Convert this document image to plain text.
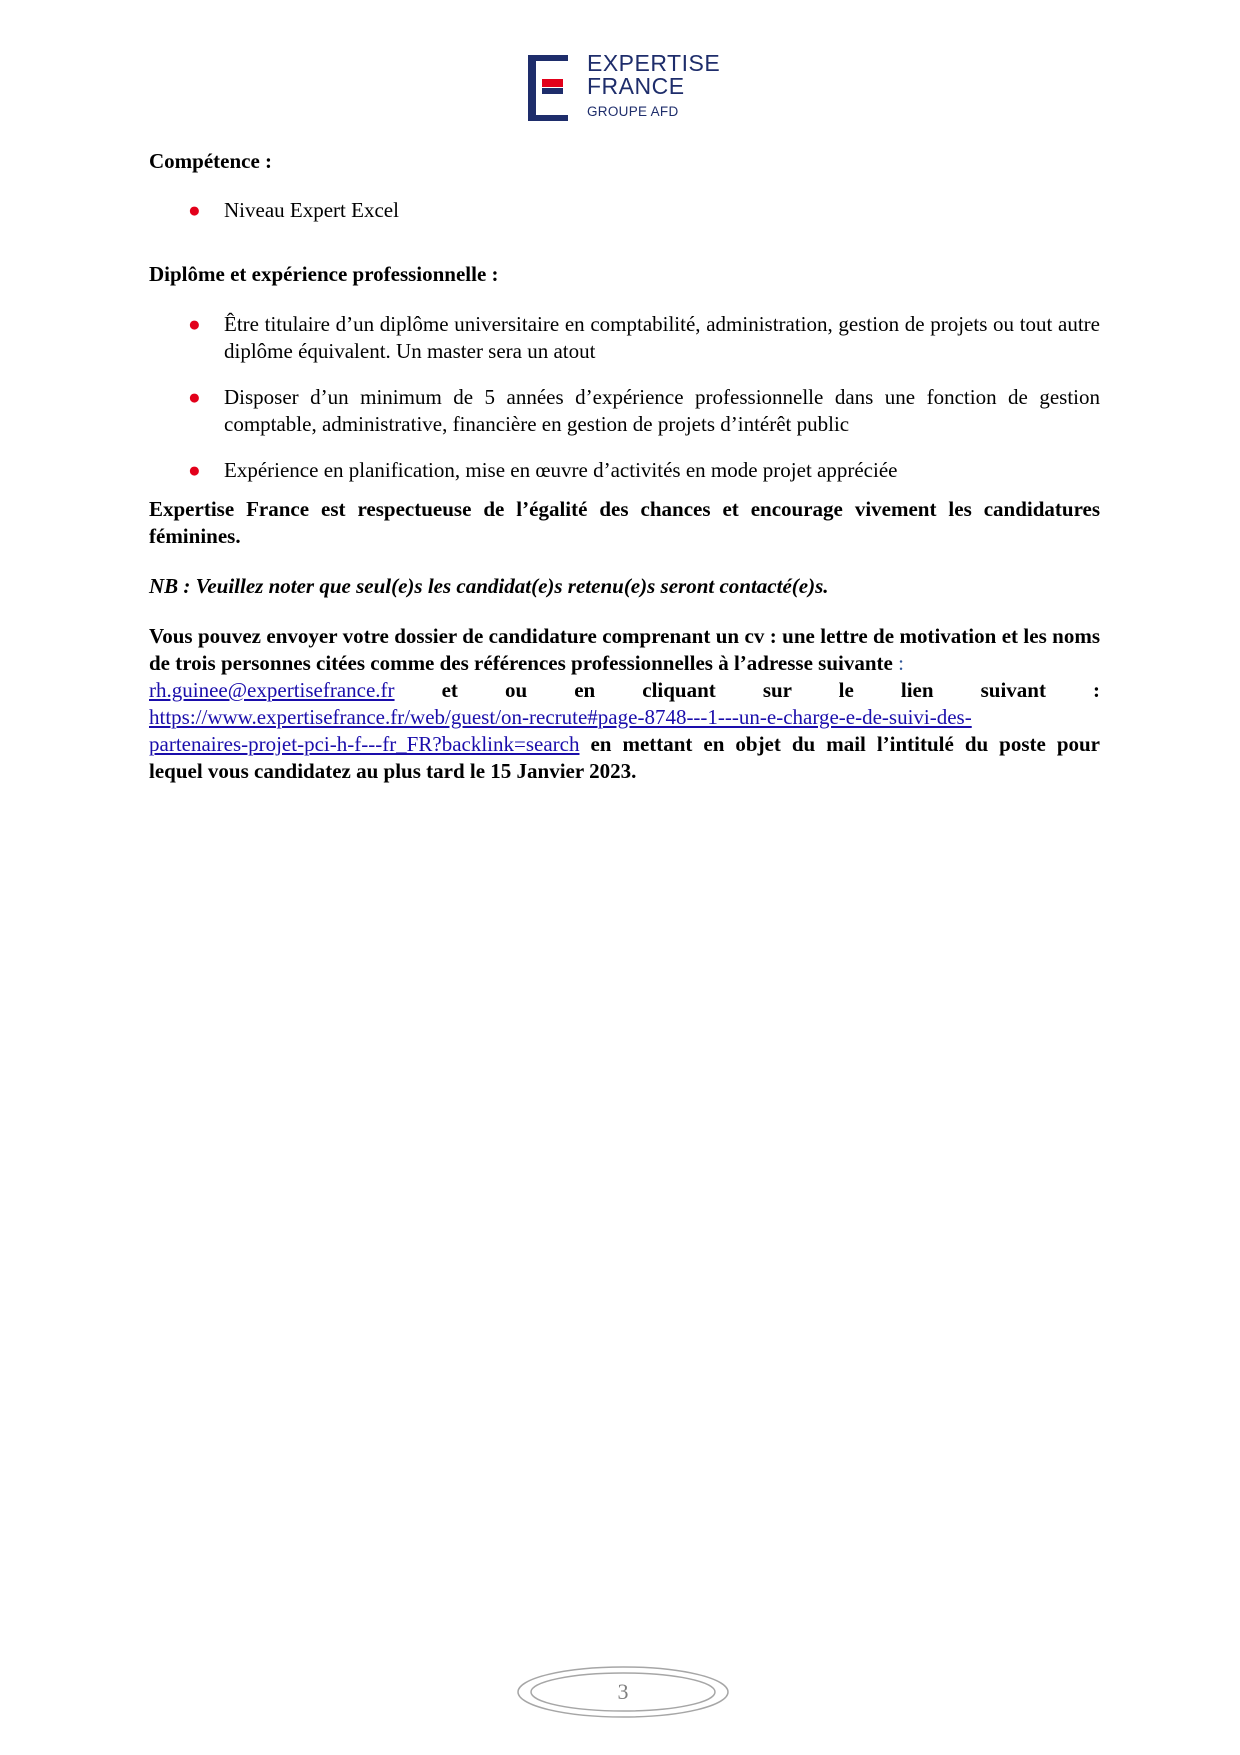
EXPERTISE
FRANCE
GROUPE AFD

Compétence :

● Niveau Expert Excel

Diplôme et expérience professionnelle :

● Être titulaire d’un diplôme universitaire en comptabilité, administration, gestion de projets ou tout autre diplôme équivalent. Un master sera un atout
● Disposer d’un minimum de 5 années d’expérience professionnelle dans une fonction de gestion comptable, administrative, financière en gestion de projets d’intérêt public
● Expérience en planification, mise en œuvre d’activités en mode projet appréciée

Expertise France est respectueuse de l’égalité des chances et encourage vivement les candidatures féminines.

NB : Veuillez noter que seul(e)s les candidat(e)s retenu(e)s seront contacté(e)s.

Vous pouvez envoyer votre dossier de candidature comprenant un cv : une lettre de motivation et les noms de trois personnes citées comme des références professionnelles à l’adresse suivante :
rh.guinee@expertisefrance.fr et ou en cliquant sur le lien suivant :
https://www.expertisefrance.fr/web/guest/on-recrute#page-8748---1---un-e-charge-e-de-suivi-des-
partenaires-projet-pci-h-f---fr_FR?backlink=search en mettant en objet du mail l’intitulé du poste pour lequel vous candidatez au plus tard le 15 Janvier 2023.
3
